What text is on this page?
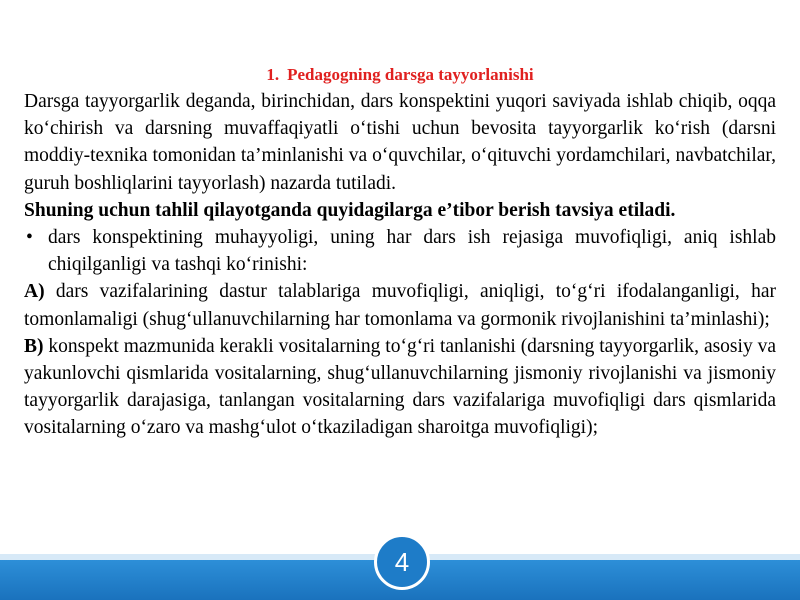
1. Pedagogning darsga tayyorlanishi

Darsga tayyorgarlik deganda, birinchidan, dars konspektini yuqori saviyada ishlab chiqib, oqqa ko‘chirish va darsning muvaffaqiyatli o‘tishi uchun bevosita tayyorgarlik ko‘rish (darsni moddiy-texnika tomonidan ta’minlanishi va o‘quvchilar, o‘qituvchi yordamchilari, navbatchilar, guruh boshliqlarini tayyorlash) nazarda tutiladi.

Shuning uchun tahlil qilayotganda quyidagilarga e’tibor berish tavsiya etiladi.

• dars konspektining muhayyoligi, uning har dars ish rejasiga muvofiqligi, aniq ishlab chiqilganligi va tashqi ko‘rinishi:

A) dars vazifalarining dastur talablariga muvofiqligi, aniqligi, to‘g‘ri ifodalanganligi, har tomonlamaligi (shug‘ullanuvchilarning har tomonlama va gormonik rivojlanishini ta’minlashi);

B) konspekt mazmunida kerakli vositalarning to‘g‘ri tanlanishi (darsning tayyorgarlik, asosiy va yakunlovchi qismlarida vositalarning, shug‘ullanuvchilarning jismoniy rivojlanishi va jismoniy tayyorgarlik darajasiga, tanlangan vositalarning dars vazifalariga muvofiqligi dars qismlarida vositalarning o‘zaro va mashg‘ulot o‘tkaziladigan sharoitga muvofiqligi);

4
